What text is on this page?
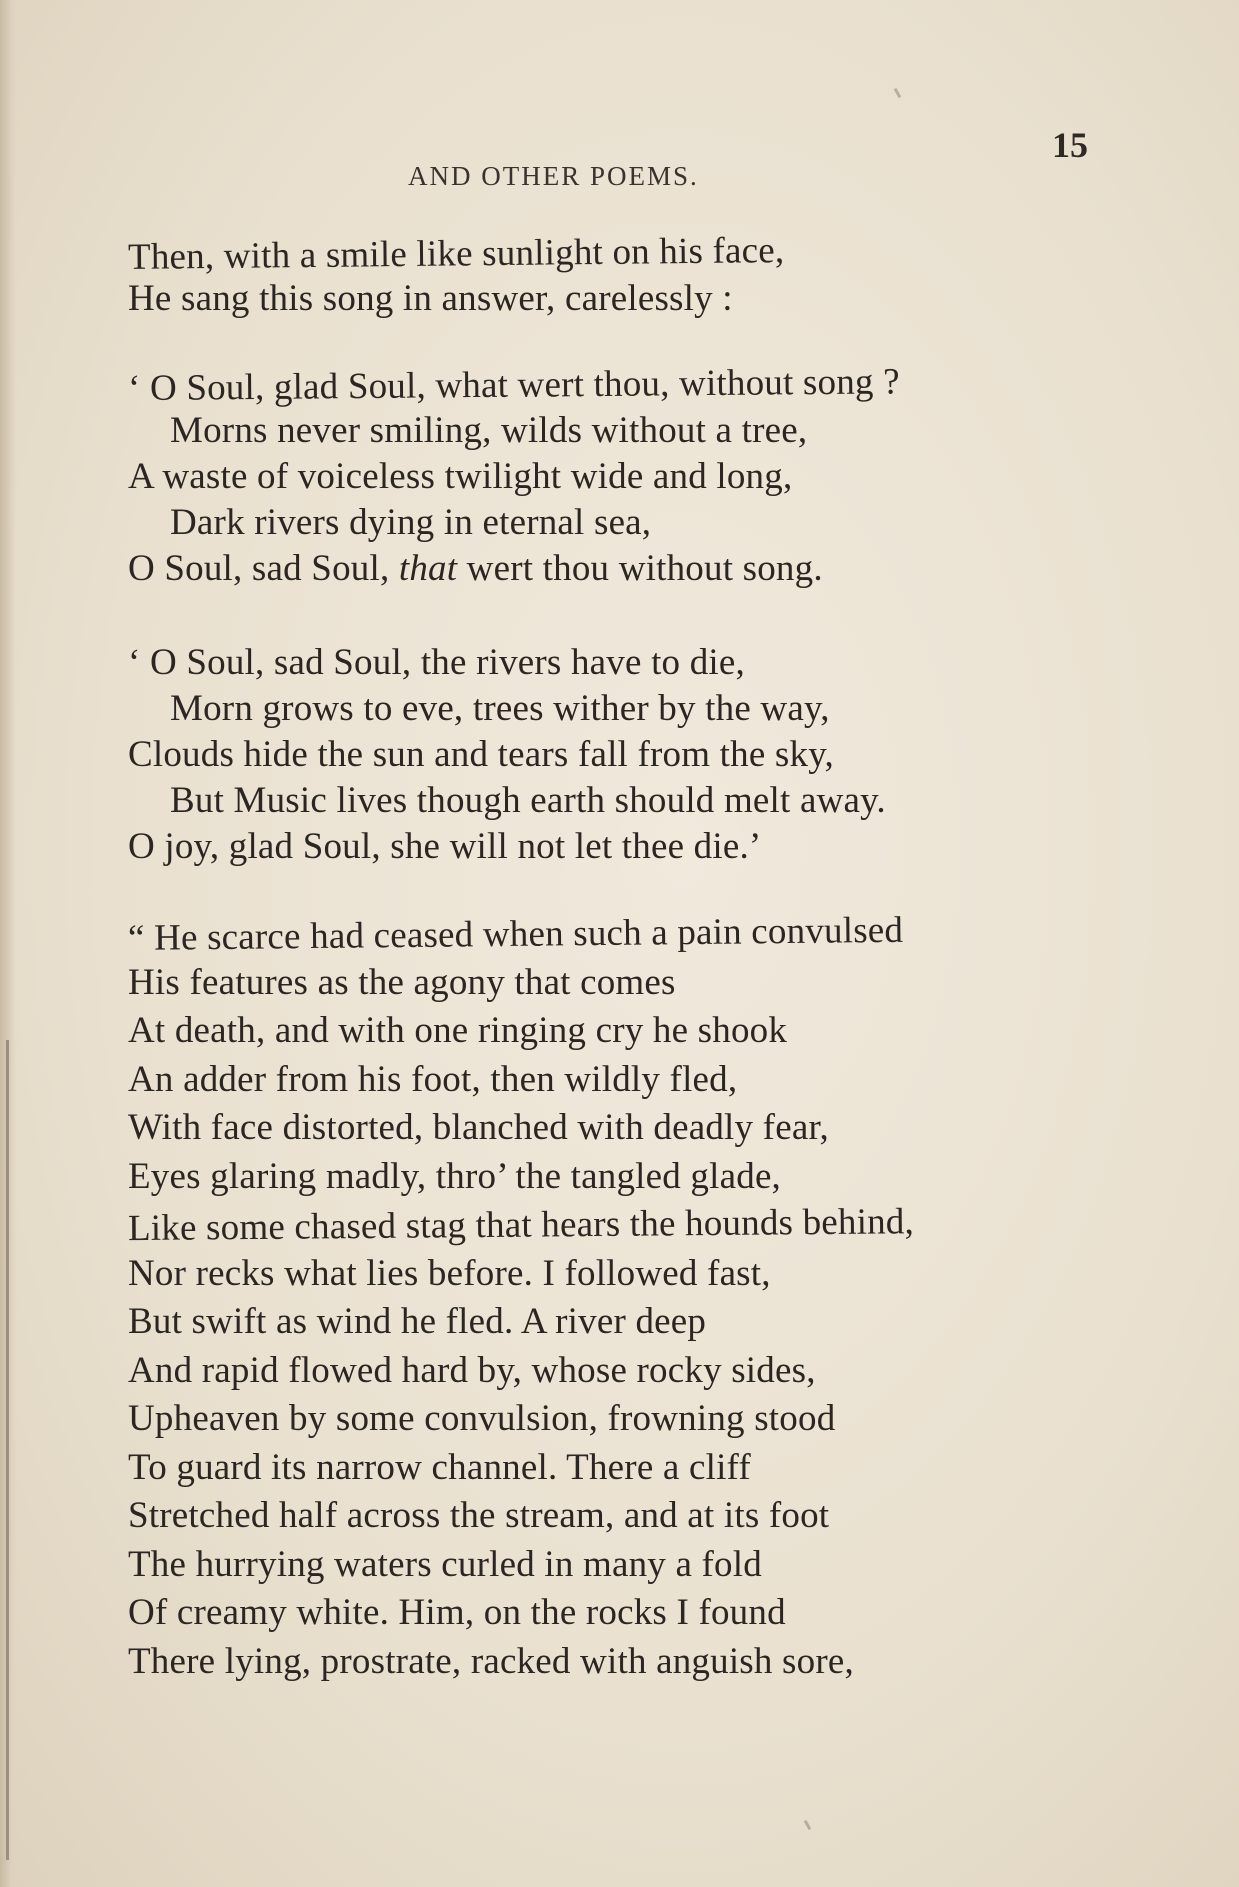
AND OTHER POEMS.
15
Then, with a smile like sunlight on his face,
He sang this song in answer, carelessly :
‘ O Soul, glad Soul, what wert thou, without song ?
Morns never smiling, wilds without a tree,
A waste of voiceless twilight wide and long,
Dark rivers dying in eternal sea,
O Soul, sad Soul, that wert thou without song.
‘ O Soul, sad Soul, the rivers have to die,
Morn grows to eve, trees wither by the way,
Clouds hide the sun and tears fall from the sky,
But Music lives though earth should melt away.
O joy, glad Soul, she will not let thee die.’
“ He scarce had ceased when such a pain convulsed
His features as the agony that comes
At death, and with one ringing cry he shook
An adder from his foot, then wildly fled,
With face distorted, blanched with deadly fear,
Eyes glaring madly, thro’ the tangled glade,
Like some chased stag that hears the hounds behind,
Nor recks what lies before. I followed fast,
But swift as wind he fled. A river deep
And rapid flowed hard by, whose rocky sides,
Upheaven by some convulsion, frowning stood
To guard its narrow channel. There a cliff
Stretched half across the stream, and at its foot
The hurrying waters curled in many a fold
Of creamy white. Him, on the rocks I found
There lying, prostrate, racked with anguish sore,
